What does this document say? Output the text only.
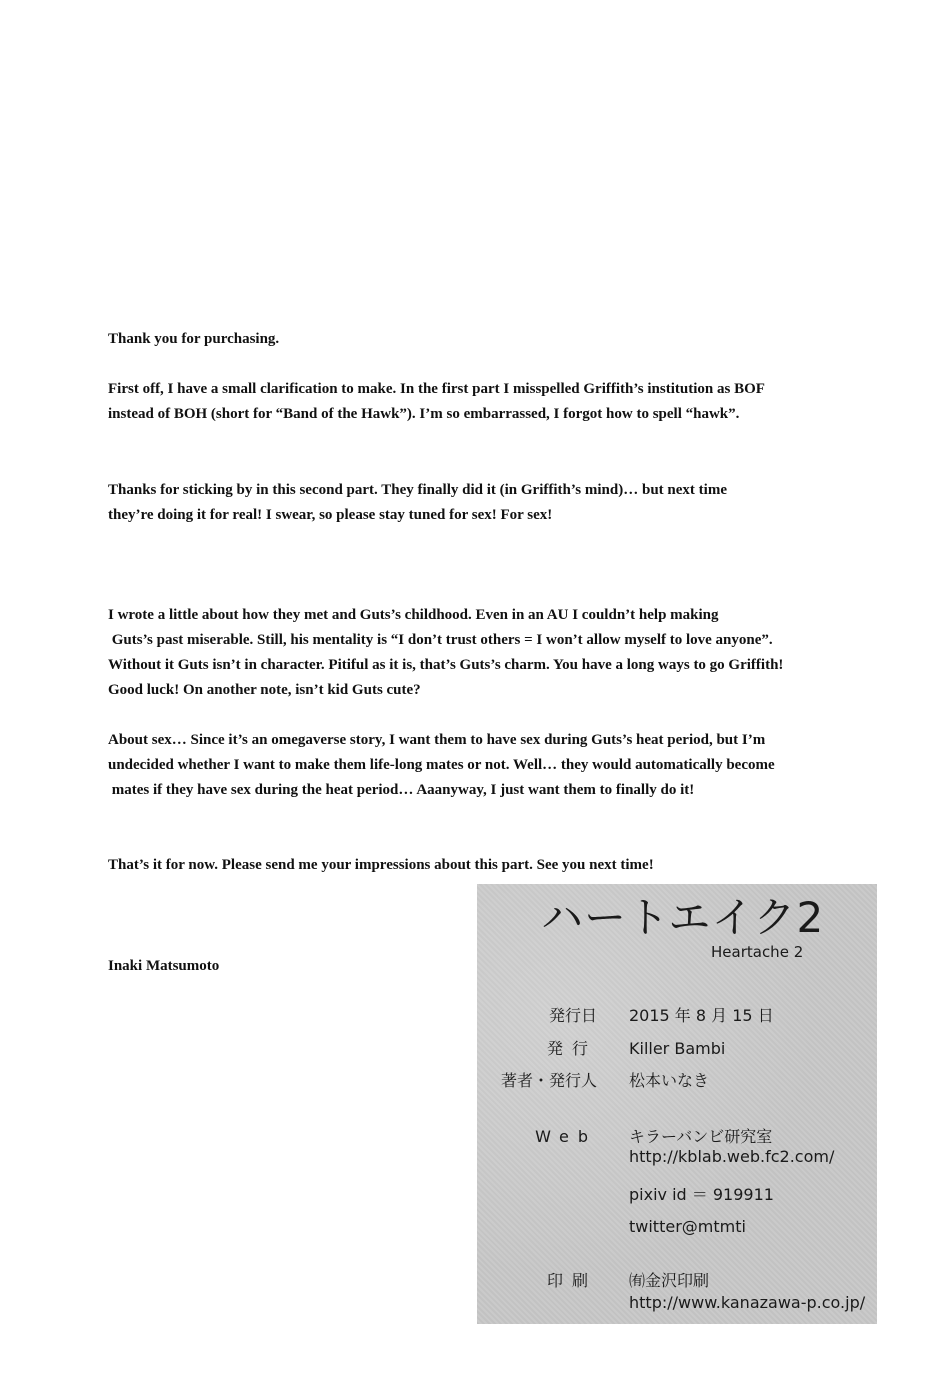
Thank you for purchasing.
First off, I have a small clarification to make. In the first part I misspelled Griffith’s institution as BOF
instead of BOH (short for “Band of the Hawk”). I’m so embarrassed, I forgot how to spell “hawk”.
Thanks for sticking by in this second part. They finally did it (in Griffith’s mind)… but next time
they’re doing it for real! I swear, so please stay tuned for sex! For sex!
I wrote a little about how they met and Guts’s childhood. Even in an AU I couldn’t help making
Guts’s past miserable. Still, his mentality is “I don’t trust others = I won’t allow myself to love anyone”.
Without it Guts isn’t in character. Pitiful as it is, that’s Guts’s charm. You have a long ways to go Griffith!
Good luck! On another note, isn’t kid Guts cute?
About sex… Since it’s an omegaverse story, I want them to have sex during Guts’s heat period, but I’m
undecided whether I want to make them life-long mates or not. Well… they would automatically become
mates if they have sex during the heat period… Aaanyway, I just want them to finally do it!
That’s it for now. Please send me your impressions about this part. See you next time!
Inaki Matsumoto
ハートエイク2
Heartache 2
発行日 2015 年 8 月 15 日
発行 Killer Bambi
著者・発行人 松本いなき
Web キラーバンビ研究室
http://kblab.web.fc2.com/
pixiv id ＝ 919911
twitter@mtmti
印刷 ㈲金沢印刷
http://www.kanazawa-p.co.jp/
